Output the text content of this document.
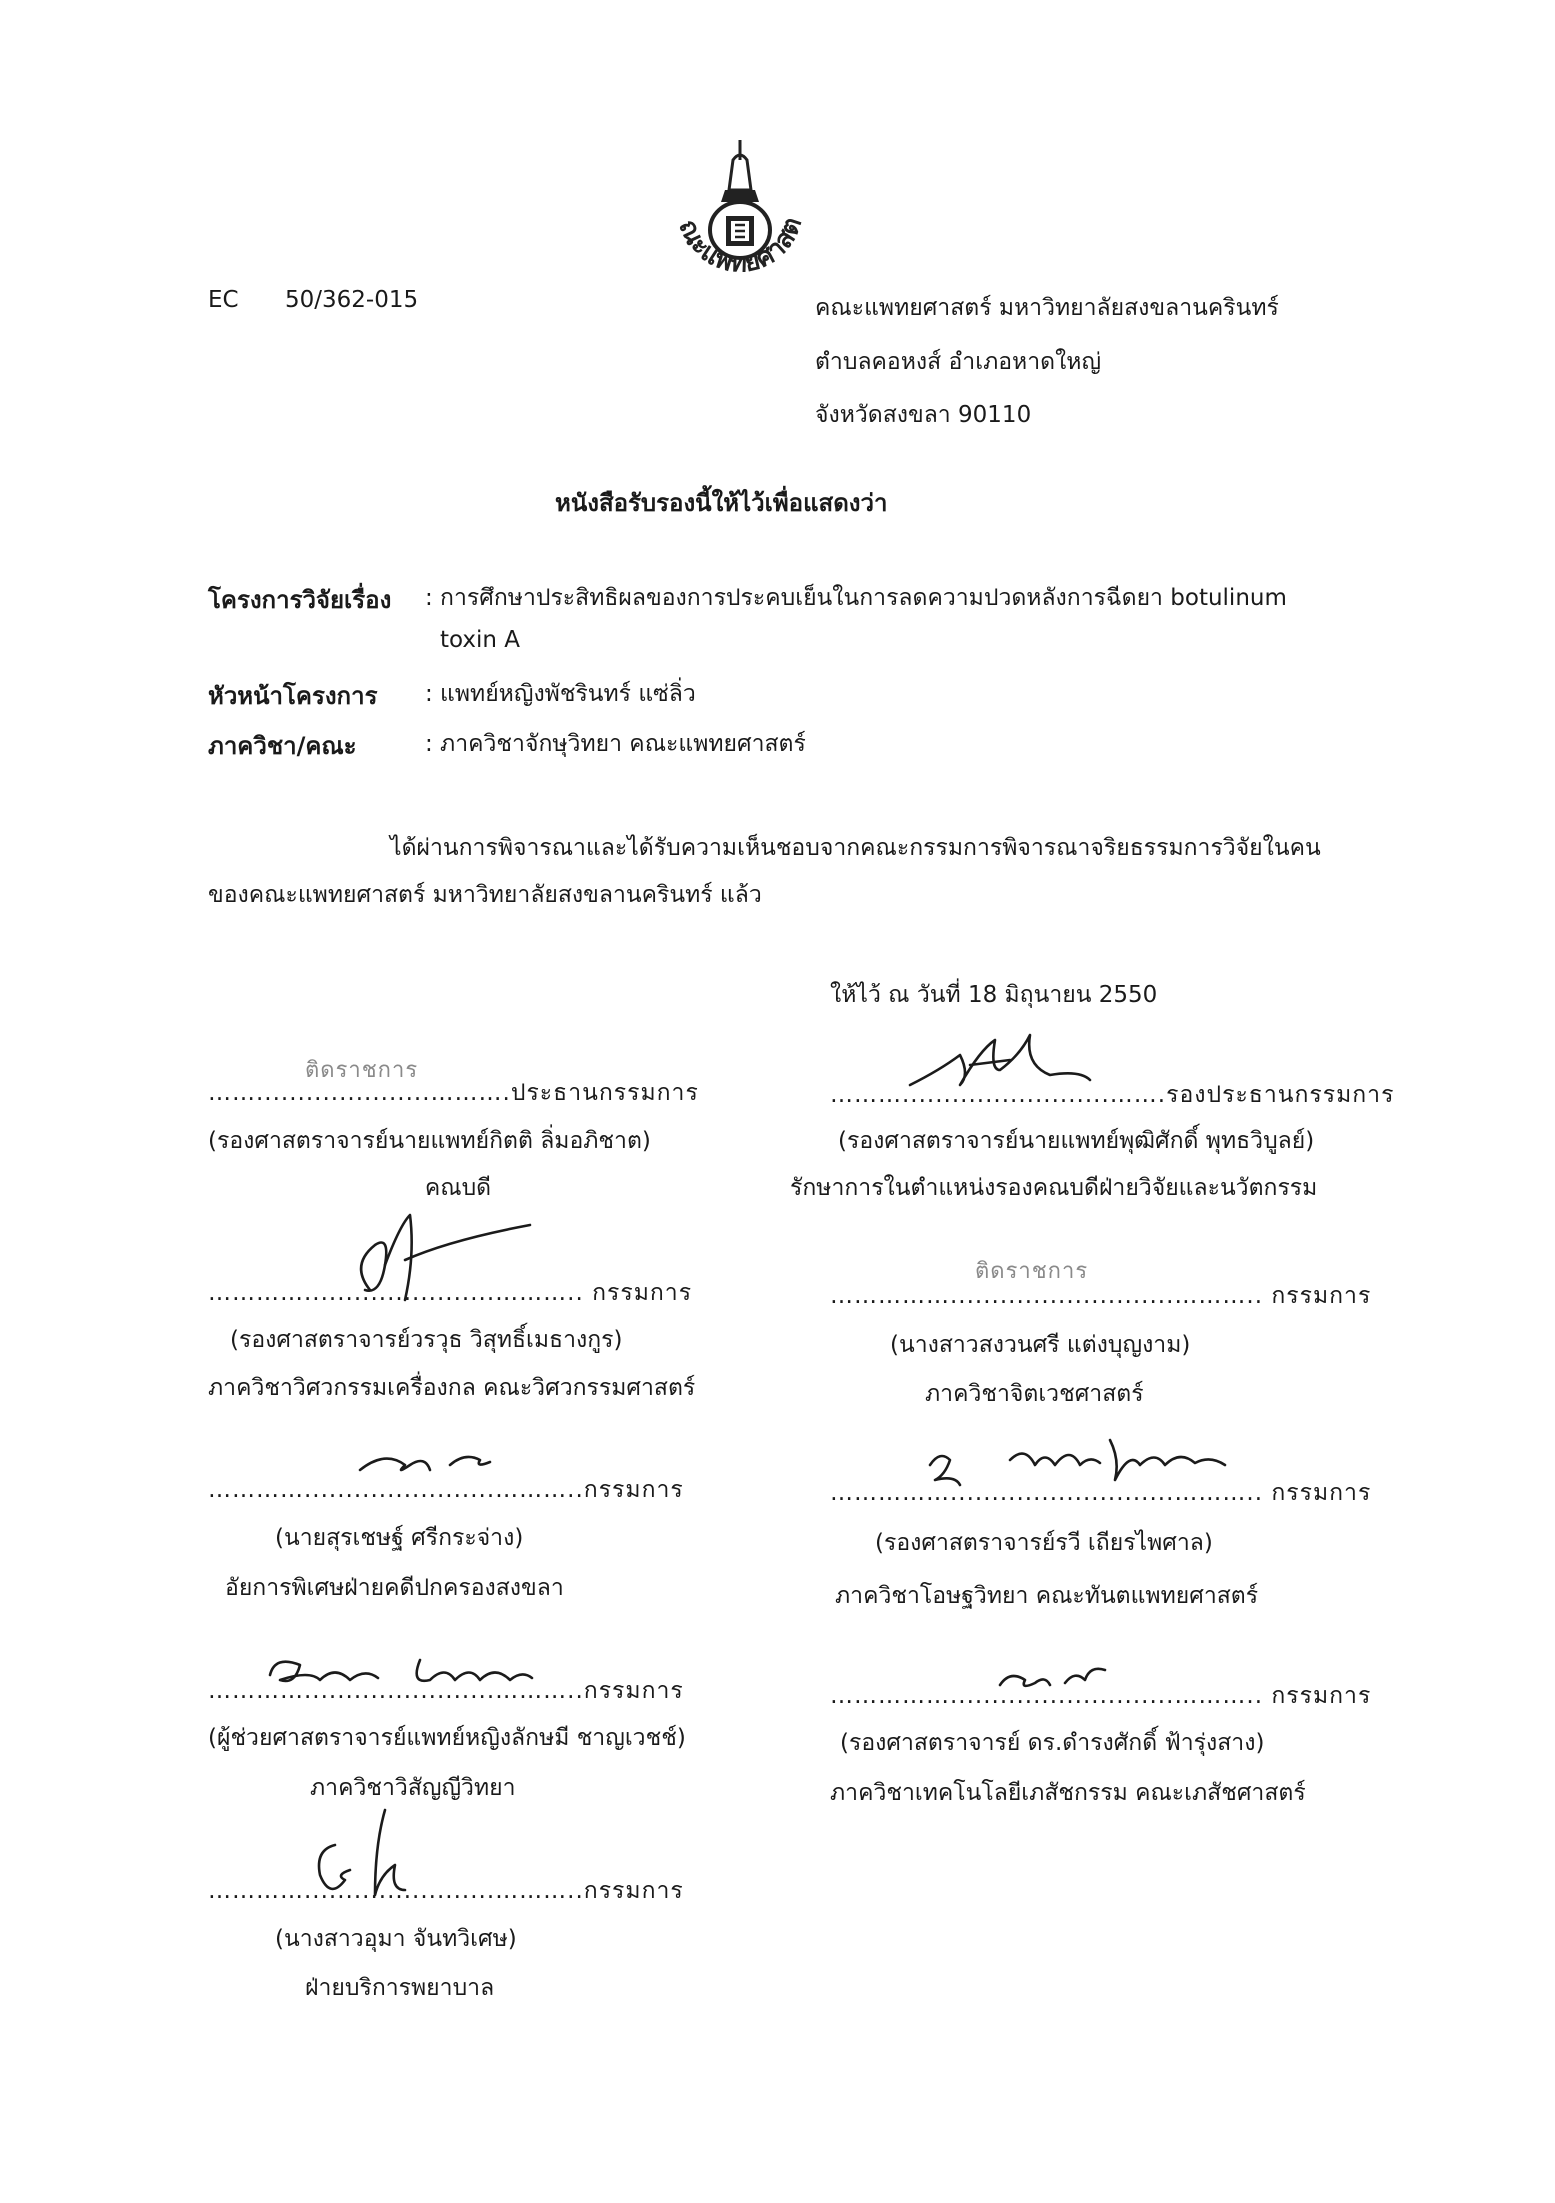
คณะแพทยศาสตร์
EC 50/362-015	คณะแพทยศาสตร์ มหาวิทยาลัยสงขลานครินทร์
ตำบลคอหงส์ อำเภอหาดใหญ่
จังหวัดสงขลา 90110
หนังสือรับรองนี้ให้ไว้เพื่อแสดงว่า
โครงการวิจัยเรื่อง : การศึกษาประสิทธิผลของการประคบเย็นในการลดความปวดหลังการฉีดยา botulinum
toxin A
หัวหน้าโครงการ : แพทย์หญิงพัชรินทร์ แซ่ลิ่ว
ภาควิชา/คณะ	: ภาควิชาจักษุวิทยา คณะแพทยศาสตร์
ได้ผ่านการพิจารณาและได้รับความเห็นชอบจากคณะกรรมการพิจารณาจริยธรรมการวิจัยในคน
ของคณะแพทยศาสตร์ มหาวิทยาลัยสงขลานครินทร์ แล้ว
ให้ไว้ ณ วันที่ 18 มิถุนายน 2550
ติดราชการ
…….....................……….ประธานกรรมการ
(รองศาสตราจารย์นายแพทย์กิตติ ลิ่มอภิชาต)
คณบดี
……….........................…….รองประธานกรรมการ
(รองศาสตราจารย์นายแพทย์พุฒิศักดิ์ พุทธวิบูลย์)
รักษาการในตำแหน่งรองคณบดีฝ่ายวิจัยและนวัตกรรม
………….......................……….. กรรมการ
(รองศาสตราจารย์วรวุธ วิสุทธิ์เมธางกูร)
ภาควิชาวิศวกรรมเครื่องกล คณะวิศวกรรมศาสตร์
ติดราชการ
……………...........................……….. กรรมการ
(นางสาวสงวนศรี แต่งบุญงาม)
ภาควิชาจิตเวชศาสตร์
………….......................………..กรรมการ
(นายสุรเชษฐ์ ศรีกระจ่าง)
อัยการพิเศษฝ่ายคดีปกครองสงขลา
……………...........................……….. กรรมการ
(รองศาสตราจารย์รวี เถียรไพศาล)
ภาควิชาโอษฐวิทยา คณะทันตแพทยศาสตร์
………….......................………..กรรมการ
(ผู้ช่วยศาสตราจารย์แพทย์หญิงลักษมี ชาญเวชช์)
ภาควิชาวิสัญญีวิทยา
……………...........................……….. กรรมการ
(รองศาสตราจารย์ ดร.ดำรงศักดิ์ ฟ้ารุ่งสาง)
ภาควิชาเทคโนโลยีเภสัชกรรม คณะเภสัชศาสตร์
………….......................………..กรรมการ
(นางสาวอุมา จันทวิเศษ)
ฝ่ายบริการพยาบาล
